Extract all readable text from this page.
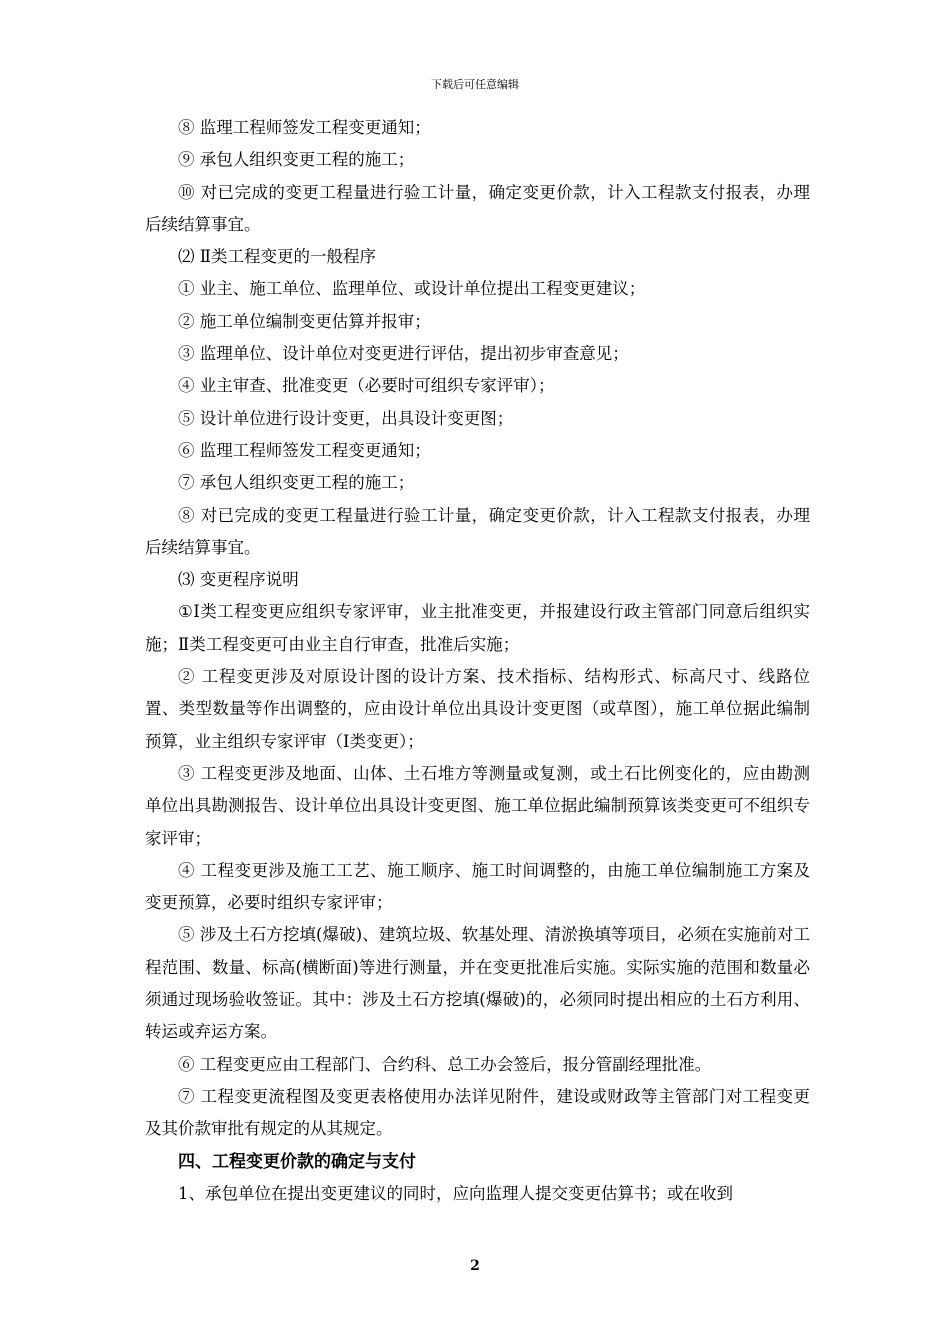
下载后可任意编辑

⑧ 监理工程师签发工程变更通知；

⑨ 承包人组织变更工程的施工；

⑩ 对已完成的变更工程量进行验工计量，确定变更价款，计入工程款支付报表，办理后续结算事宜。

⑵ Ⅱ类工程变更的一般程序

① 业主、施工单位、监理单位、或设计单位提出工程变更建议；

② 施工单位编制变更估算并报审；

③ 监理单位、设计单位对变更进行评估，提出初步审查意见；

④ 业主审查、批准变更（必要时可组织专家评审）；

⑤ 设计单位进行设计变更，出具设计变更图；

⑥ 监理工程师签发工程变更通知；

⑦ 承包人组织变更工程的施工；

⑧ 对已完成的变更工程量进行验工计量，确定变更价款，计入工程款支付报表，办理后续结算事宜。

⑶ 变更程序说明

①Ⅰ类工程变更应组织专家评审，业主批准变更，并报建设行政主管部门同意后组织实施；Ⅱ类工程变更可由业主自行审查，批准后实施；

② 工程变更涉及对原设计图的设计方案、技术指标、结构形式、标高尺寸、线路位置、类型数量等作出调整的，应由设计单位出具设计变更图（或草图），施工单位据此编制预算，业主组织专家评审（Ⅰ类变更）；

③ 工程变更涉及地面、山体、土石堆方等测量或复测，或土石比例变化的，应由勘测单位出具勘测报告、设计单位出具设计变更图、施工单位据此编制预算该类变更可不组织专家评审；

④ 工程变更涉及施工工艺、施工顺序、施工时间调整的，由施工单位编制施工方案及变更预算，必要时组织专家评审；

⑤ 涉及土石方挖填(爆破)、建筑垃圾、软基处理、清淤换填等项目，必须在实施前对工程范围、数量、标高(横断面)等进行测量，并在变更批准后实施。实际实施的范围和数量必须通过现场验收签证。其中：涉及土石方挖填(爆破)的，必须同时提出相应的土石方利用、转运或弃运方案。

⑥ 工程变更应由工程部门、合约科、总工办会签后，报分管副经理批准。

⑦ 工程变更流程图及变更表格使用办法详见附件，建设或财政等主管部门对工程变更及其价款审批有规定的从其规定。

四、工程变更价款的确定与支付

1、承包单位在提出变更建议的同时，应向监理人提交变更估算书；或在收到

2
